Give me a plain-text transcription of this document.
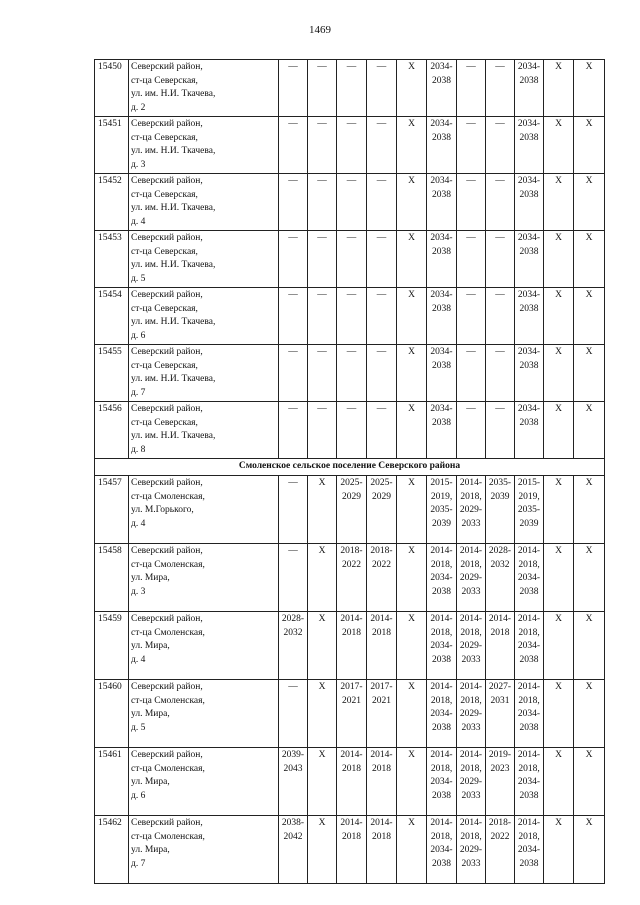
1469
15450	Северский район,
ст-ца Северская,
ул. им. Н.И. Ткачева,
д. 2	—	—	—	—	X	2034-
2038	—	—	2034-
2038	X	X

15451	Северский район,
ст-ца Северская,
ул. им. Н.И. Ткачева,
д. 3	—	—	—	—	X	2034-
2038	—	—	2034-
2038	X	X

15452	Северский район,
ст-ца Северская,
ул. им. Н.И. Ткачева,
д. 4	—	—	—	—	X	2034-
2038	—	—	2034-
2038	X	X

15453	Северский район,
ст-ца Северская,
ул. им. Н.И. Ткачева,
д. 5	—	—	—	—	X	2034-
2038	—	—	2034-
2038	X	X

15454	Северский район,
ст-ца Северская,
ул. им. Н.И. Ткачева,
д. 6	—	—	—	—	X	2034-
2038	—	—	2034-
2038	X	X

15455	Северский район,
ст-ца Северская,
ул. им. Н.И. Ткачева,
д. 7	—	—	—	—	X	2034-
2038	—	—	2034-
2038	X	X

15456	Северский район,
ст-ца Северская,
ул. им. Н.И. Ткачева,
д. 8	—	—	—	—	X	2034-
2038	—	—	2034-
2038	X	X

Смоленское сельское поселение Северского района												
15457	Северский район,
ст-ца Смоленская,
ул. М.Горького,
д. 4	—	X	2025-
2029	2025-
2029	X	2015-
2019,
2035-
2039	2014-
2018,
2029-
2033	2035-
2039	2015-
2019,
2035-
2039	X	X

15458	Северский район,
ст-ца Смоленская,
ул. Мира,
д. 3	—	X	2018-
2022	2018-
2022	X	2014-
2018,
2034-
2038	2014-
2018,
2029-
2033	2028-
2032	2014-
2018,
2034-
2038	X	X

15459	Северский район,
ст-ца Смоленская,
ул. Мира,
д. 4	2028-
2032	X	2014-
2018	2014-
2018	X	2014-
2018,
2034-
2038	2014-
2018,
2029-
2033	2014-
2018	2014-
2018,
2034-
2038	X	X

15460	Северский район,
ст-ца Смоленская,
ул. Мира,
д. 5	—	X	2017-
2021	2017-
2021	X	2014-
2018,
2034-
2038	2014-
2018,
2029-
2033	2027-
2031	2014-
2018,
2034-
2038	X	X

15461	Северский район,
ст-ца Смоленская,
ул. Мира,
д. 6	2039-
2043	X	2014-
2018	2014-
2018	X	2014-
2018,
2034-
2038	2014-
2018,
2029-
2033	2019-
2023	2014-
2018,
2034-
2038	X	X

15462	Северский район,
ст-ца Смоленская,
ул. Мира,
д. 7	2038-
2042	X	2014-
2018	2014-
2018	X	2014-
2018,
2034-
2038	2014-
2018,
2029-
2033	2018-
2022	2014-
2018,
2034-
2038	X	X
